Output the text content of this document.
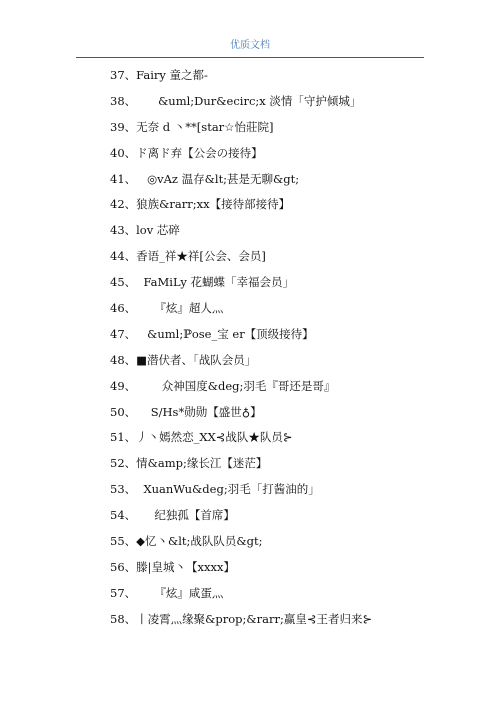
优质文档
37、Fairy 童之都-
38、      &uml;Dur&ecirc;x 淡情「守护倾城」
39、无奈 d 丶**[star☆怡莊院]
40、ド离ド弃【公会の接待】
41、   ◎vAz 温存&lt;甚是无聊&gt;
42、狼族&rarr;xx【接待部接待】
43、lov 芯碎
44、香语_祥★祥[公会、会员]
45、  FaMiLy 花蝴蝶「幸福会员」
46、     『炫』超人灬
47、   &uml;ℙose_宝 er【顶级接待】
48、■潜伏者、「战队会员」
49、       众神国度&deg;羽毛『哥还是哥』
50、    S/Hs*勋勋【盛世♁】
51、丿丶嫣然恋_XX⊰战队★队员⊱
52、情&amp;缘长江【迷茫】
53、  XuanWu&deg;羽毛「打酱油的」
54、     纪独孤【首席】
55、◆忆丶&lt;战队队员&gt;
56、滕|皇城丶【xxxx】
57、     『炫』咸蛋灬
58、丨凌霄灬缘聚&prop;&rarr;赢皇⊰王者归来⊱
